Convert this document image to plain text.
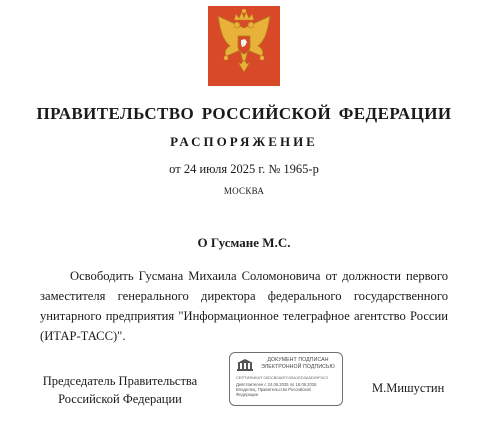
ПРАВИТЕЛЬСТВО РОССИЙСКОЙ ФЕДЕРАЦИИ
РАСПОРЯЖЕНИЕ
от 24 июля 2025 г. № 1965-р
МОСКВА
О Гусмане М.С.

Освободить Гусмана Михаила Соломоновича от должности первого заместителя генерального директора федерального государственного унитарного предприятия "Информационное телеграфное агентство России (ИТАР-ТАСС)".

Председатель Правительства
Российской Федерации
ДОКУМЕНТ ПОДПИСАН
ЭЛЕКТРОННОЙ ПОДПИСЬЮ
СЕРТИФИКАТ 00DCB0A0FC05A1ED3A5D09F0C2
Действителен с 24.06.2025 по 18.09.2026
Владелец: Правительство Российской
Федерации	М.Мишустин
